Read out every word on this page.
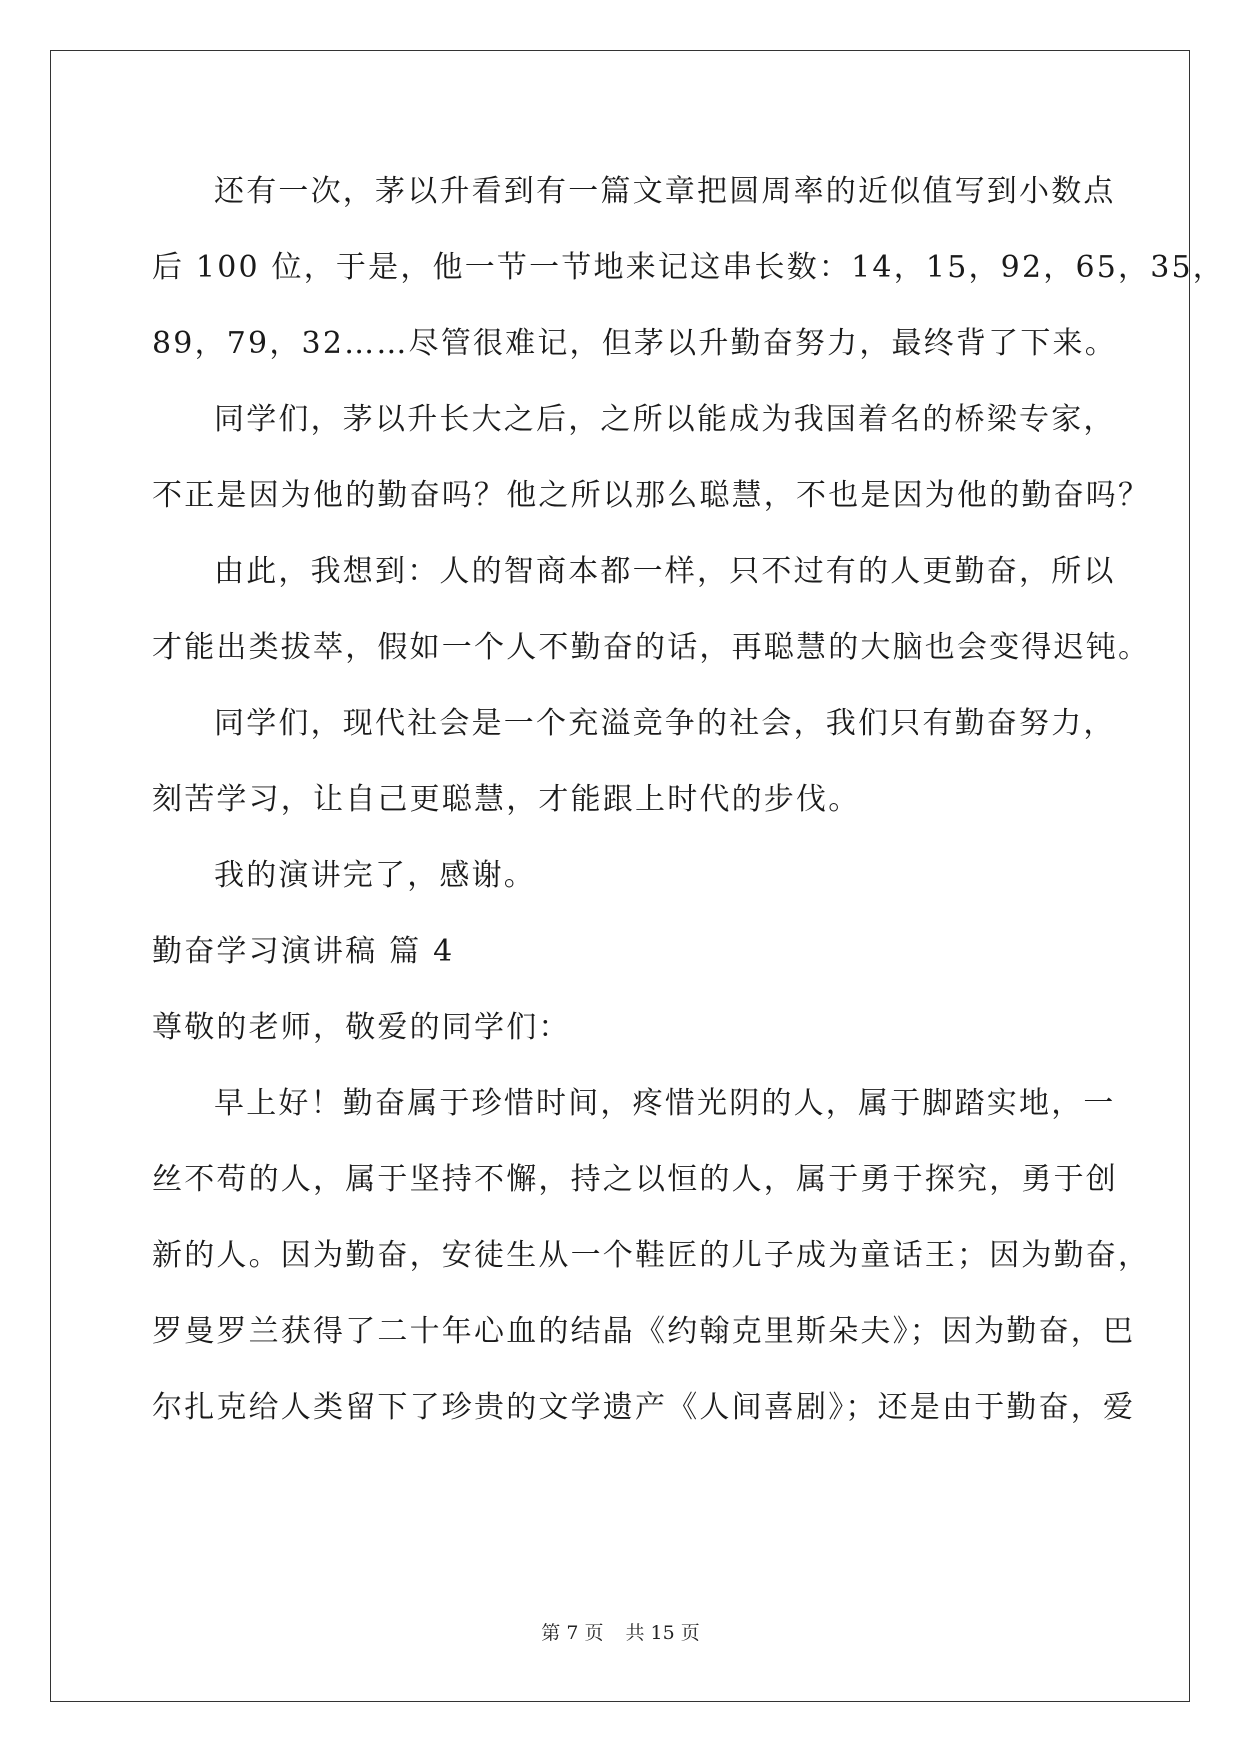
还有一次，茅以升看到有一篇文章把圆周率的近似值写到小数点
后 100 位，于是，他一节一节地来记这串长数：14，15，92，65，35，
89，79，32……尽管很难记，但茅以升勤奋努力，最终背了下来。
同学们，茅以升长大之后，之所以能成为我国着名的桥梁专家，
不正是因为他的勤奋吗？他之所以那么聪慧，不也是因为他的勤奋吗？
由此，我想到：人的智商本都一样，只不过有的人更勤奋，所以
才能出类拔萃，假如一个人不勤奋的话，再聪慧的大脑也会变得迟钝。
同学们，现代社会是一个充溢竞争的社会，我们只有勤奋努力，
刻苦学习，让自己更聪慧，才能跟上时代的步伐。
我的演讲完了，感谢。
勤奋学习演讲稿 篇 4
尊敬的老师，敬爱的同学们：
早上好！勤奋属于珍惜时间，疼惜光阴的人，属于脚踏实地，一
丝不苟的人，属于坚持不懈，持之以恒的人，属于勇于探究，勇于创
新的人。因为勤奋，安徒生从一个鞋匠的儿子成为童话王；因为勤奋，
罗曼罗兰获得了二十年心血的结晶《约翰克里斯朵夫》；因为勤奋，巴
尔扎克给人类留下了珍贵的文学遗产《人间喜剧》；还是由于勤奋，爱
第 7 页 共 15 页
